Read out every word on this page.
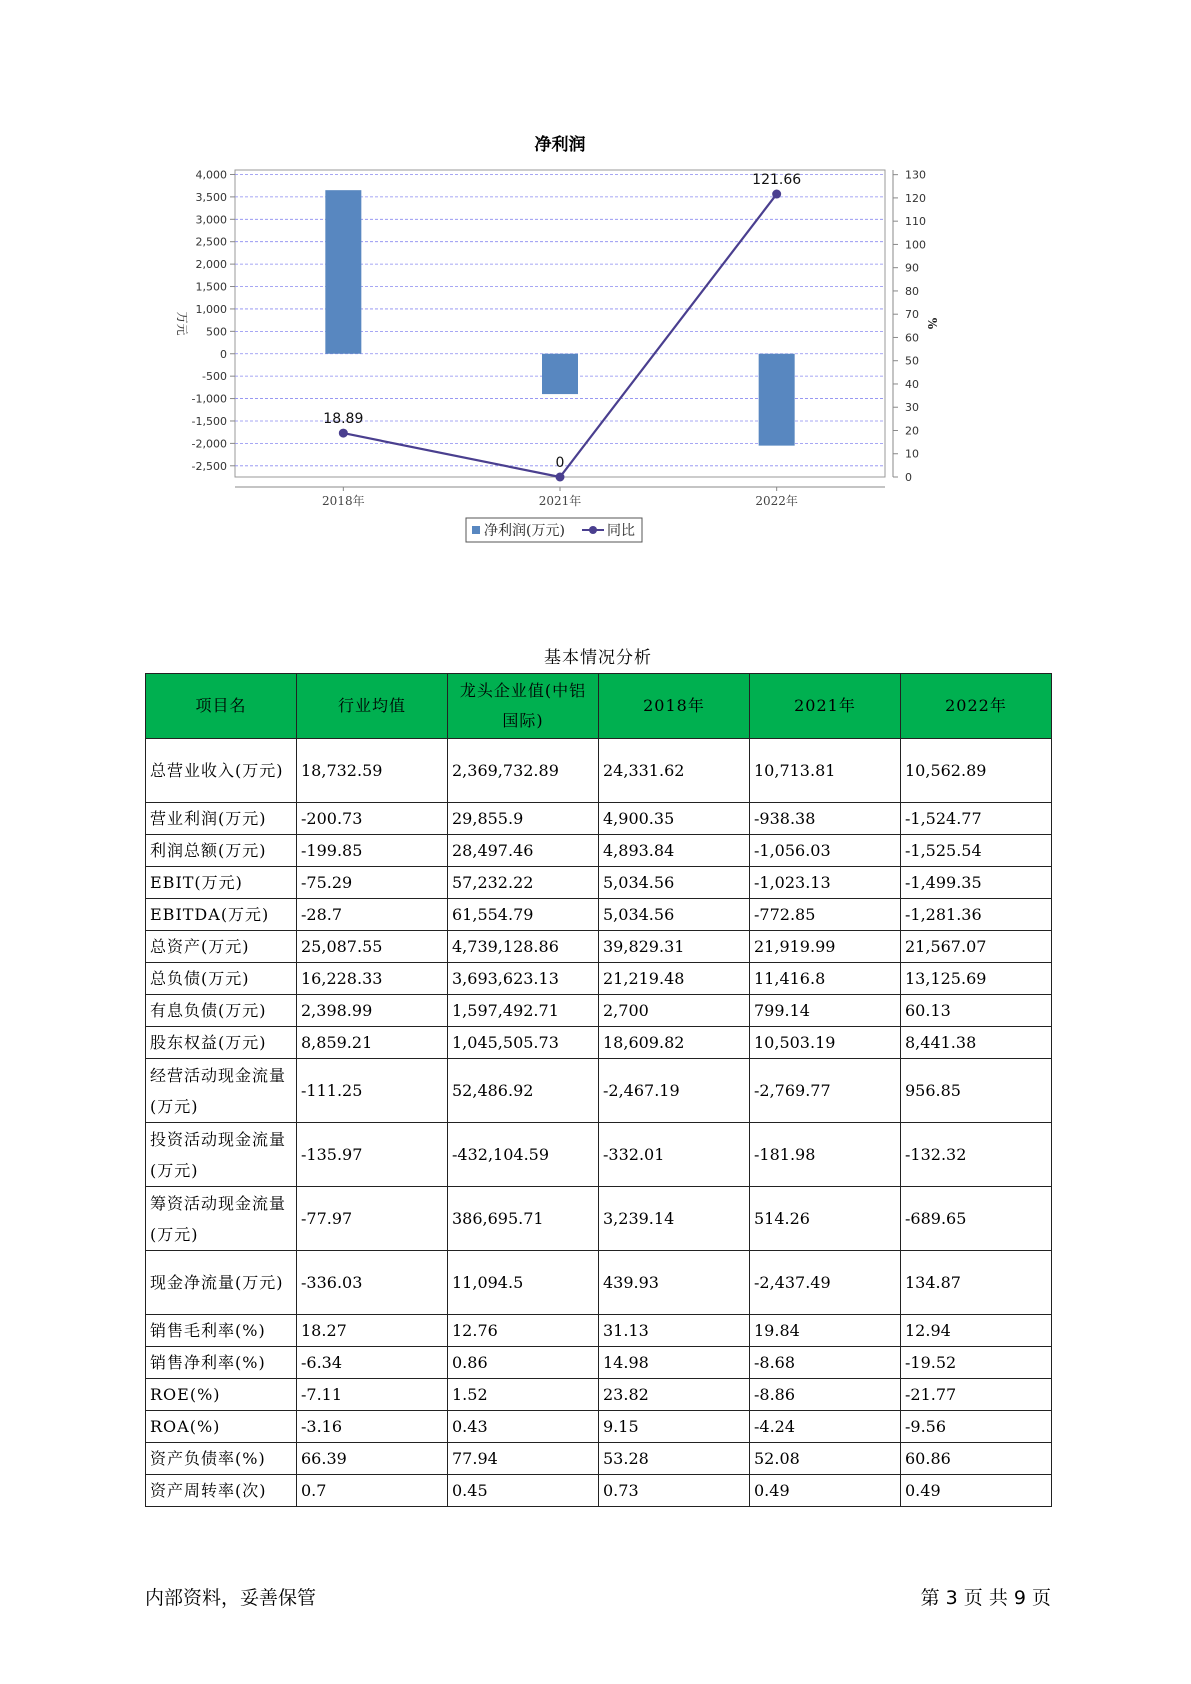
净利润
4,000
3,500
3,000
2,500
2,000
1,500
1,000
500
0
-500
-1,000
-1,500
-2,000
-2,500
130
120
110
100
90
80
70
60
50
40
30
20
10
0
2018年	2021年	2022年
万元	%
18.89
0
121.66
净利润(万元)	同比
基本情况分析
项目名	行业均值	龙头企业值(中铝国际)	2018年	2021年	2022年
总营业收入(万元)	18,732.59	2,369,732.89	24,331.62	10,713.81	10,562.89
营业利润(万元)	-200.73	29,855.9	4,900.35	-938.38	-1,524.77
利润总额(万元)	-199.85	28,497.46	4,893.84	-1,056.03	-1,525.54
EBIT(万元)	-75.29	57,232.22	5,034.56	-1,023.13	-1,499.35
EBITDA(万元)	-28.7	61,554.79	5,034.56	-772.85	-1,281.36
总资产(万元)	25,087.55	4,739,128.86	39,829.31	21,919.99	21,567.07
总负债(万元)	16,228.33	3,693,623.13	21,219.48	11,416.8	13,125.69
有息负债(万元)	2,398.99	1,597,492.71	2,700	799.14	60.13
股东权益(万元)	8,859.21	1,045,505.73	18,609.82	10,503.19	8,441.38
经营活动现金流量(万元)	-111.25	52,486.92	-2,467.19	-2,769.77	956.85
投资活动现金流量(万元)	-135.97	-432,104.59	-332.01	-181.98	-132.32
筹资活动现金流量(万元)	-77.97	386,695.71	3,239.14	514.26	-689.65
现金净流量(万元)	-336.03	11,094.5	439.93	-2,437.49	134.87
销售毛利率(%)	18.27	12.76	31.13	19.84	12.94
销售净利率(%)	-6.34	0.86	14.98	-8.68	-19.52
ROE(%)	-7.11	1.52	23.82	-8.86	-21.77
ROA(%)	-3.16	0.43	9.15	-4.24	-9.56
资产负债率(%)	66.39	77.94	53.28	52.08	60.86
资产周转率(次)	0.7	0.45	0.73	0.49	0.49
内部资料，妥善保管	第 3 页 共 9 页
